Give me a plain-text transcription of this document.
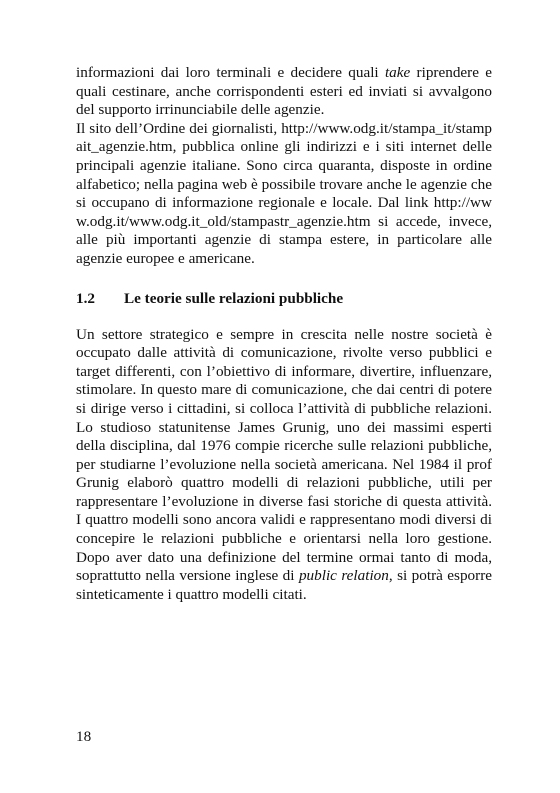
informazioni dai loro terminali e decidere quali take riprendere e quali cestinare, anche corrispondenti esteri ed inviati si avvalgono del supporto irrinunciabile delle agenzie.

Il sito dell’Ordine dei giornalisti, http://www.odg.it/stampa_it/stampait_agenzie.htm, pubblica online gli indirizzi e i siti internet delle principali agenzie italiane. Sono circa quaranta, disposte in ordine alfabetico; nella pagina web è possibile trovare anche le agenzie che si occupano di informazione regionale e locale. Dal link http://www.odg.it/www.odg.it_old/stampastr_agenzie.htm si accede, invece, alle più importanti agenzie di stampa estere, in particolare alle agenzie europee e americane.

1.2	Le teorie sulle relazioni pubbliche

Un settore strategico e sempre in crescita nelle nostre società è occupato dalle attività di comunicazione, rivolte verso pubblici e target differenti, con l’obiettivo di informare, divertire, influenzare, stimolare. In questo mare di comunicazione, che dai centri di potere si dirige verso i cittadini, si colloca l’attività di pubbliche relazioni. Lo studioso statunitense James Grunig, uno dei massimi esperti della disciplina, dal 1976 compie ricerche sulle relazioni pubbliche, per studiarne l’evoluzione nella società americana. Nel 1984 il prof Grunig elaborò quattro modelli di relazioni pubbliche, utili per rappresentare l’evoluzione in diverse fasi storiche di questa attività. I quattro modelli sono ancora validi e rappresentano modi diversi di concepire le relazioni pubbliche e orientarsi nella loro gestione. Dopo aver dato una definizione del termine ormai tanto di moda, soprattutto nella versione inglese di public relation, si potrà esporre sinteticamente i quattro modelli citati.

18
